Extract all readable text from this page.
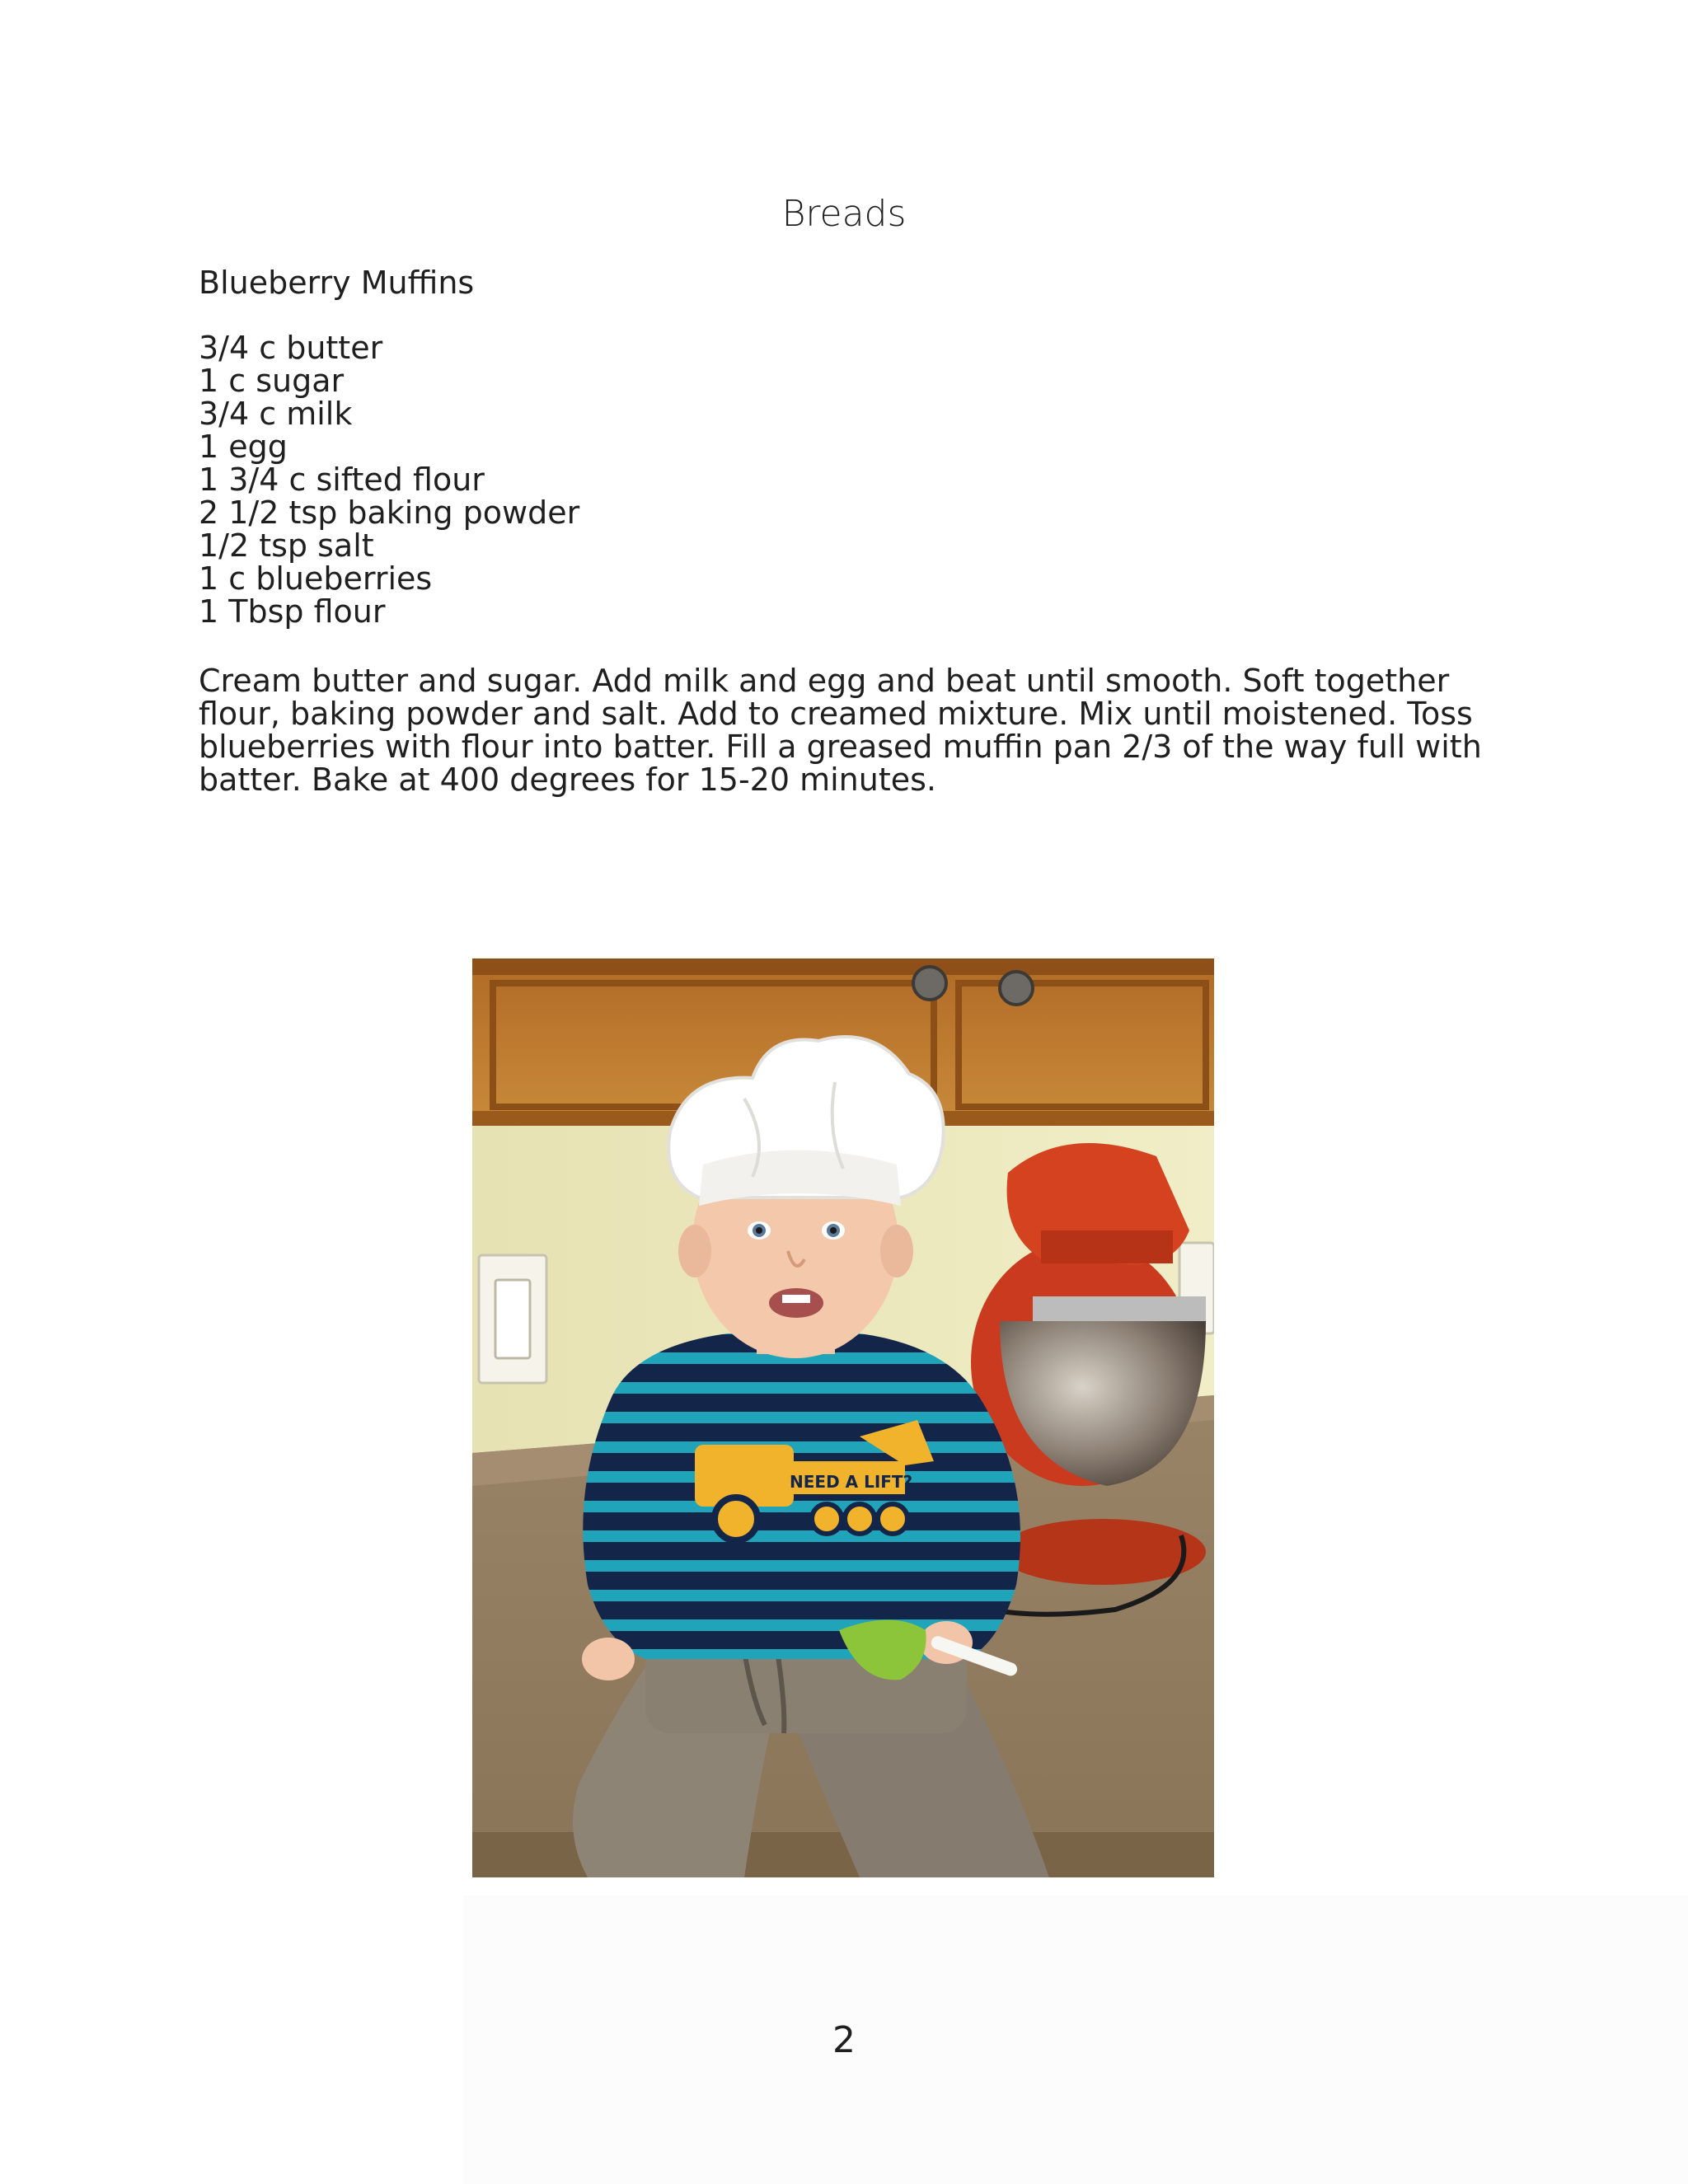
Breads
Blueberry Muffins
3/4 c butter
1 c sugar
3/4 c milk
1 egg
1 3/4 c sifted flour
2 1/2 tsp baking powder
1/2 tsp salt
1 c blueberries
1 Tbsp flour

Cream butter and sugar. Add milk and egg and beat until smooth. Soft together flour, baking powder and salt. Add to creamed mixture. Mix until moistened. Toss blueberries with flour into batter. Fill a greased muffin pan 2/3 of the way full with batter. Bake at 400 degrees for 15-20 minutes.

NEED A LIFT?
2
